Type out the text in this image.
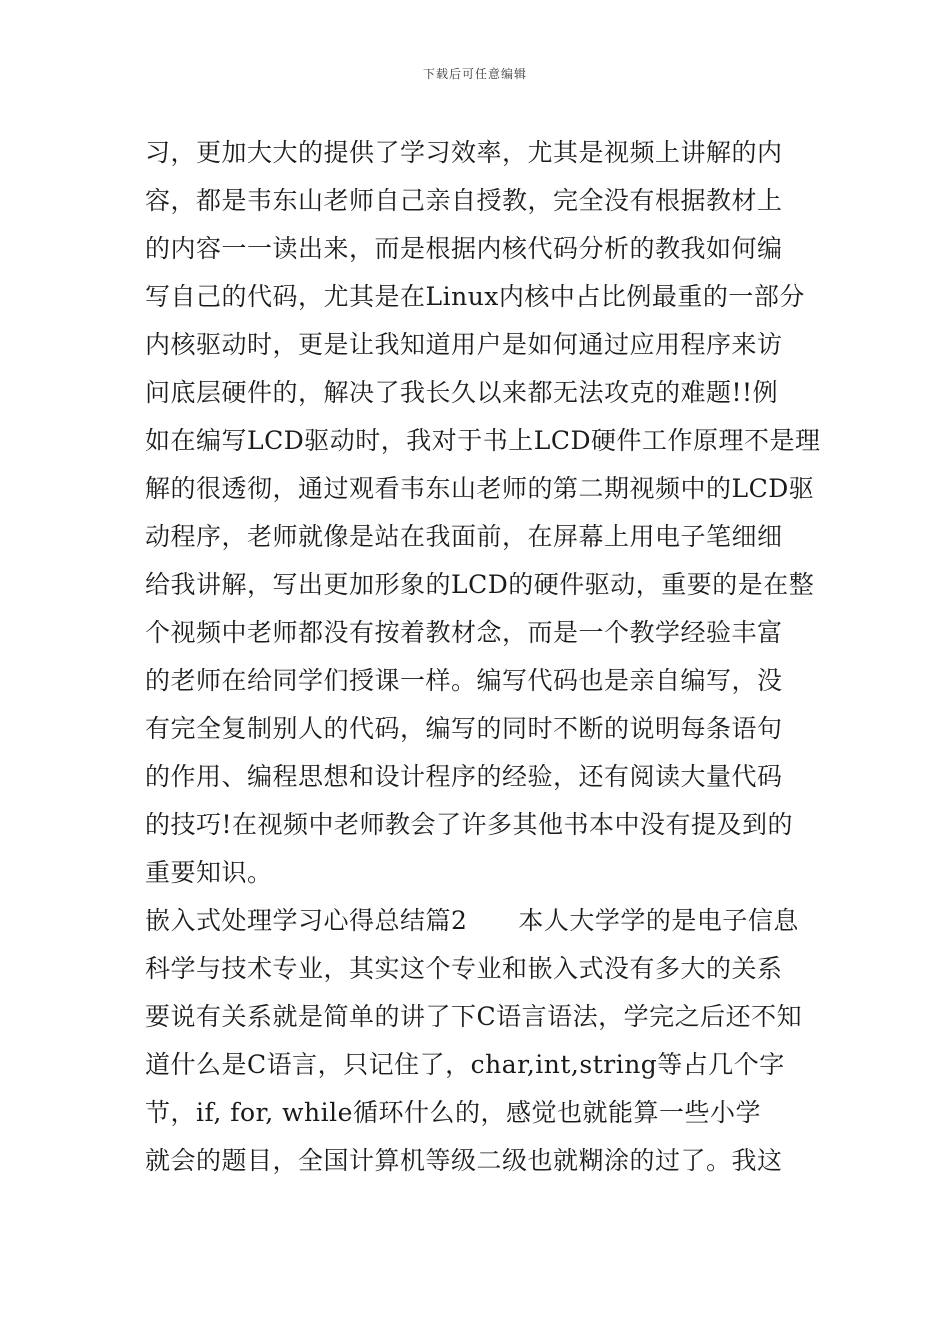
下载后可任意编辑
习，更加大大的提供了学习效率，尤其是视频上讲解的内
容，都是韦东山老师自己亲自授教，完全没有根据教材上
的内容一一读出来，而是根据内核代码分析的教我如何编
写自己的代码，尤其是在Linux内核中占比例最重的一部分
内核驱动时，更是让我知道用户是如何通过应用程序来访
问底层硬件的，解决了我长久以来都无法攻克的难题!!例
如在编写LCD驱动时，我对于书上LCD硬件工作原理不是理
解的很透彻，通过观看韦东山老师的第二期视频中的LCD驱
动程序，老师就像是站在我面前，在屏幕上用电子笔细细
给我讲解，写出更加形象的LCD的硬件驱动，重要的是在整
个视频中老师都没有按着教材念，而是一个教学经验丰富
的老师在给同学们授课一样。编写代码也是亲自编写，没
有完全复制别人的代码，编写的同时不断的说明每条语句
的作用、编程思想和设计程序的经验，还有阅读大量代码
的技巧!在视频中老师教会了许多其他书本中没有提及到的
重要知识。
嵌入式处理学习心得总结篇2　　本人大学学的是电子信息
科学与技术专业，其实这个专业和嵌入式没有多大的关系
要说有关系就是简单的讲了下C语言语法，学完之后还不知
道什么是C语言，只记住了，char,int,string等占几个字
节，if, for, while循环什么的，感觉也就能算一些小学
就会的题目，全国计算机等级二级也就糊涂的过了。我这
